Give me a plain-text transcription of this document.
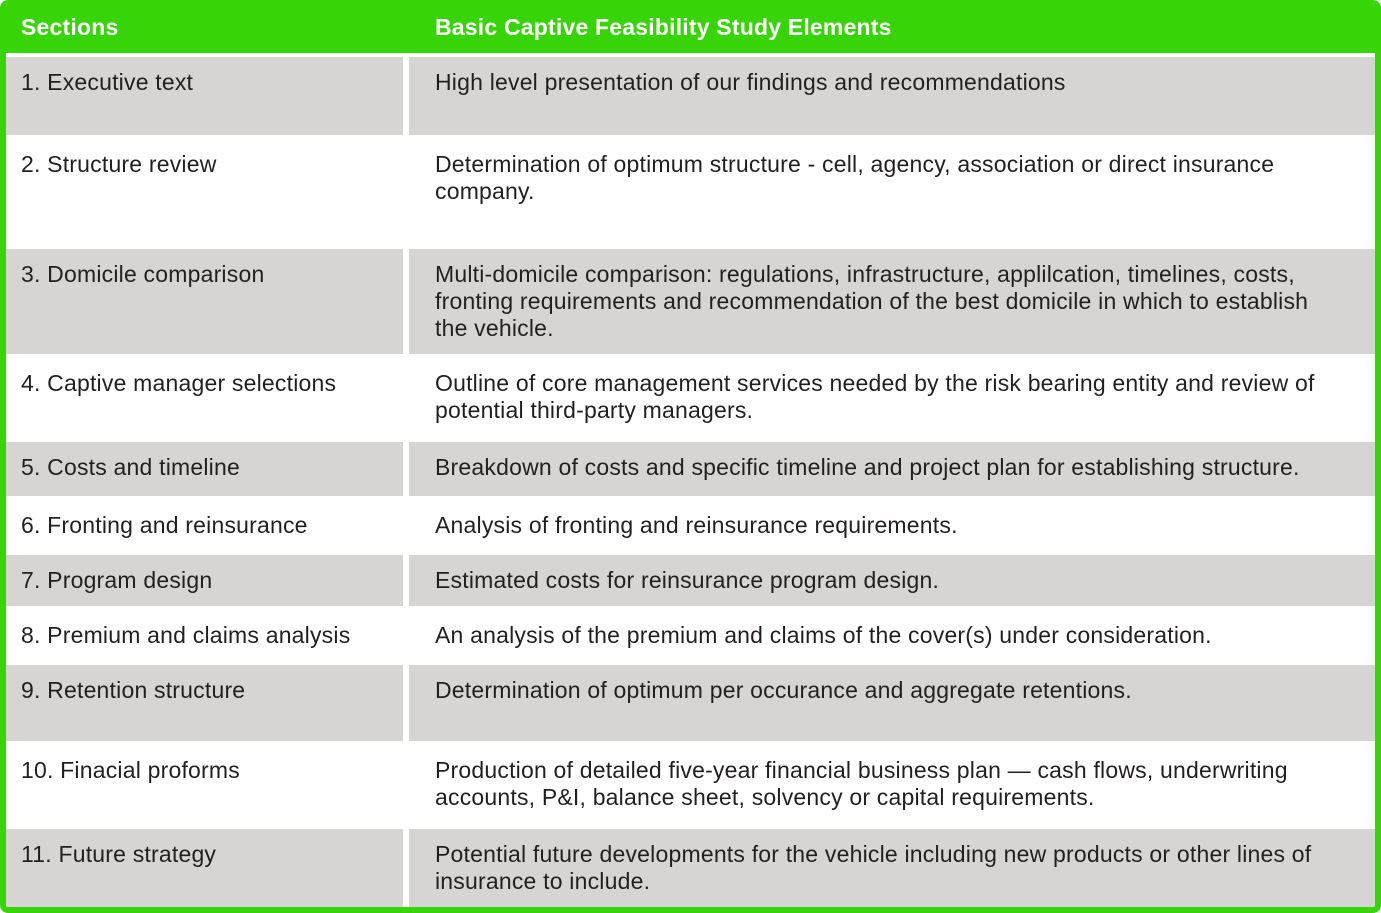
Sections	Basic Captive Feasibility Study Elements
1. Executive text	High level presentation of our findings and recommendations
2. Structure review	Determination of optimum structure - cell, agency, association or direct insurance company.
3. Domicile comparison	Multi-domicile comparison: regulations, infrastructure, applilcation, timelines, costs, fronting requirements and recommendation of the best domicile in which to establish the vehicle.
4. Captive manager selections	Outline of core management services needed by the risk bearing entity and review of potential third-party managers.
5. Costs and timeline	Breakdown of costs and specific timeline and project plan for establishing structure.
6. Fronting and reinsurance	Analysis of fronting and reinsurance requirements.
7. Program design	Estimated costs for reinsurance program design.
8. Premium and claims analysis	An analysis of the premium and claims of the cover(s) under consideration.
9. Retention structure	Determination of optimum per occurance and aggregate retentions.
10. Finacial proforms	Production of detailed five-year financial business plan — cash flows, underwriting accounts, P&I, balance sheet, solvency or capital requirements.
11. Future strategy	Potential future developments for the vehicle including new products or other lines of insurance to include.
